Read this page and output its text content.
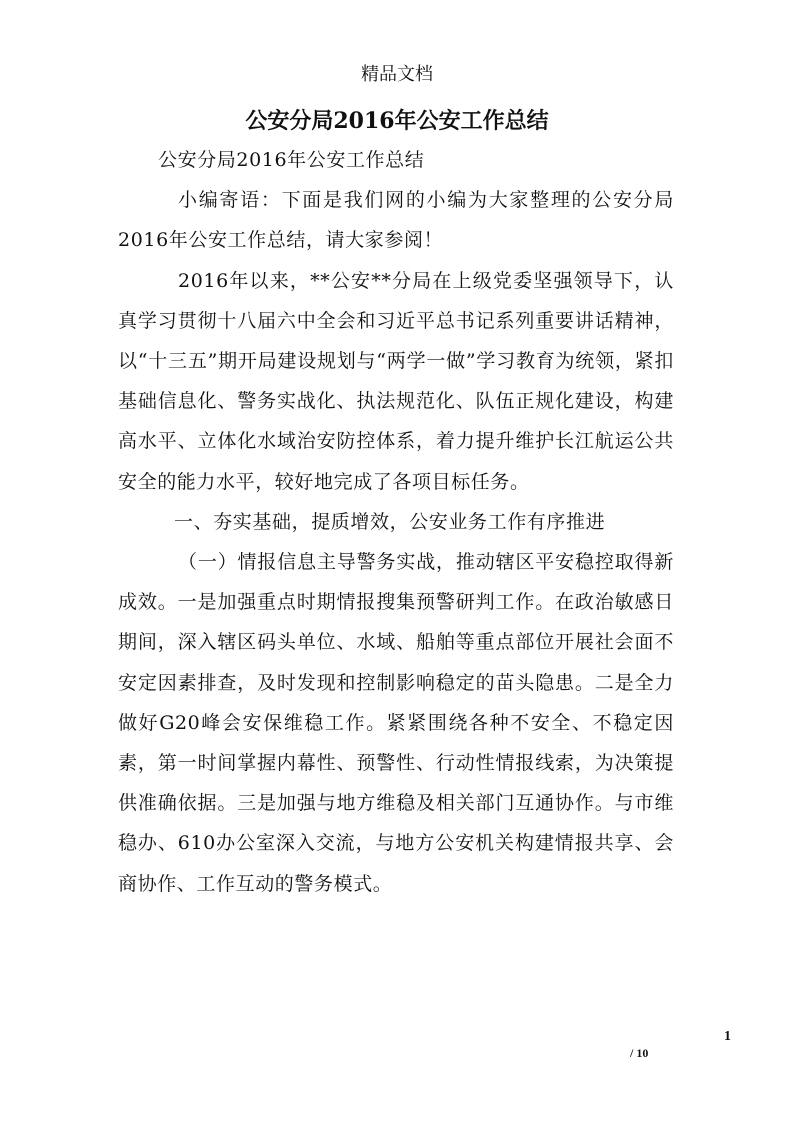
精品文档
公安分局2016年公安工作总结

公安分局2016年公安工作总结

小编寄语：下面是我们网的小编为大家整理的公安分局2016年公安工作总结，请大家参阅！

2016年以来，**公安**分局在上级党委坚强领导下，认真学习贯彻十八届六中全会和习近平总书记系列重要讲话精神，以“十三五”期开局建设规划与“两学一做”学习教育为统领，紧扣基础信息化、警务实战化、执法规范化、队伍正规化建设，构建高水平、立体化水域治安防控体系，着力提升维护长江航运公共安全的能力水平，较好地完成了各项目标任务。

一、夯实基础，提质增效，公安业务工作有序推进

（一）情报信息主导警务实战，推动辖区平安稳控取得新成效。一是加强重点时期情报搜集预警研判工作。在政治敏感日期间，深入辖区码头单位、水域、船舶等重点部位开展社会面不安定因素排查，及时发现和控制影响稳定的苗头隐患。二是全力做好G20峰会安保维稳工作。紧紧围绕各种不安全、不稳定因素，第一时间掌握内幕性、预警性、行动性情报线索，为决策提供准确依据。三是加强与地方维稳及相关部门互通协作。与市维稳办、610办公室深入交流，与地方公安机关构建情报共享、会商协作、工作互动的警务模式。

1
/ 10
